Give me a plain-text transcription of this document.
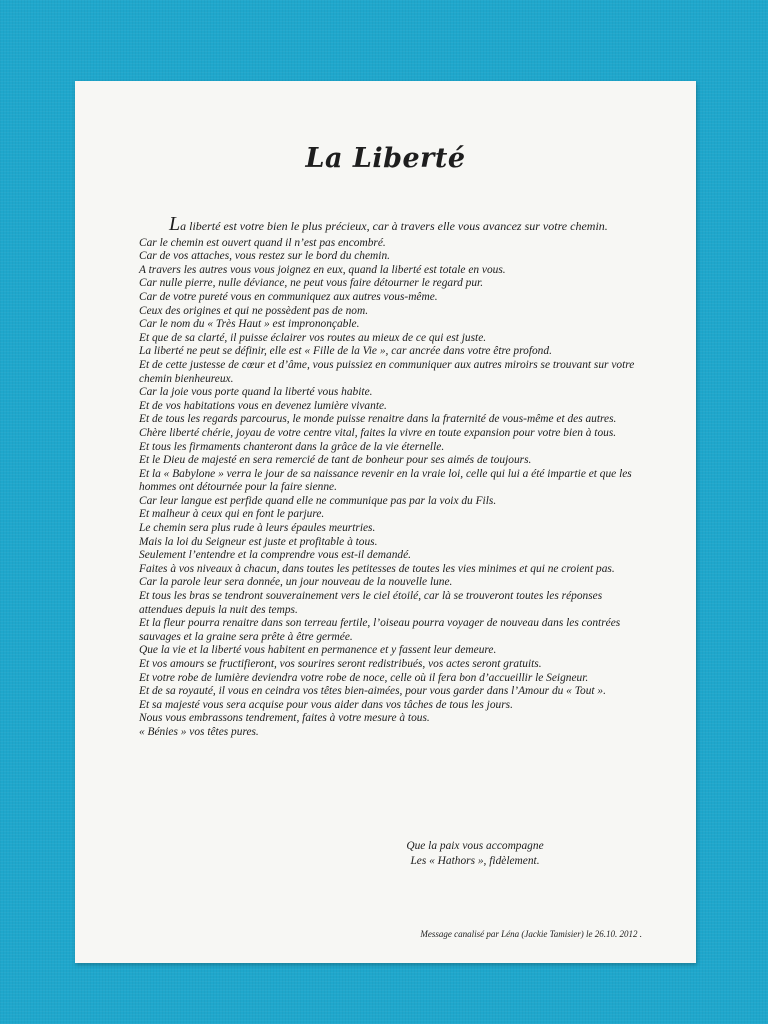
La Liberté
La liberté est votre bien le plus précieux, car à travers elle vous avancez sur votre chemin.
Car le chemin est ouvert quand il n’est pas encombré.
Car de vos attaches, vous restez sur le bord du chemin.
A travers les autres vous vous joignez en eux, quand la liberté est totale en vous.
Car nulle pierre, nulle déviance, ne peut vous faire détourner le regard pur.
Car de votre pureté vous en communiquez aux autres vous-même.
Ceux des origines et qui ne possèdent pas de nom.
Car le nom du « Très Haut » est imprononçable.
Et que de sa clarté, il puisse éclairer vos routes au mieux de ce qui est juste.
La liberté ne peut se définir, elle est « Fille de la Vie », car ancrée dans votre être profond.
Et de cette justesse de cœur et d’âme, vous puissiez en communiquer aux autres miroirs se trouvant sur votre chemin bienheureux.
Car la joie vous porte quand la liberté vous habite.
Et de vos habitations vous en devenez lumière vivante.
Et de tous les regards parcourus, le monde puisse renaitre dans la fraternité de vous-même et des autres.
Chère liberté chérie, joyau de votre centre vital, faites la vivre en toute expansion pour votre bien à tous.
Et tous les firmaments chanteront dans la grâce de la vie éternelle.
Et le Dieu de majesté en sera remercié de tant de bonheur pour ses aimés de toujours.
Et la « Babylone » verra le jour de sa naissance revenir en la vraie loi, celle qui lui a été impartie et que les hommes ont détournée pour la faire sienne.
Car leur langue est perfide quand elle ne communique pas par la voix du Fils.
Et malheur à ceux qui en font le parjure.
Le chemin sera plus rude à leurs épaules meurtries.
Mais la loi du Seigneur est juste et profitable à tous.
Seulement l’entendre et la comprendre vous est-il demandé.
Faites à vos niveaux à chacun, dans toutes les petitesses de toutes les vies minimes et qui ne croient pas.
Car la parole leur sera donnée, un jour nouveau de la nouvelle lune.
Et tous les bras se tendront souverainement vers le ciel étoilé, car là se trouveront toutes les réponses attendues depuis la nuit des temps.
Et la fleur pourra renaitre dans son terreau fertile, l’oiseau pourra voyager de nouveau dans les contrées sauvages et la graine sera prête à être germée.
Que la vie et la liberté vous habitent en permanence et y fassent leur demeure.
Et vos amours se fructifieront, vos sourires seront redistribués, vos actes seront gratuits.
Et votre robe de lumière deviendra votre robe de noce, celle où il fera bon d’accueillir le Seigneur.
Et de sa royauté, il vous en ceindra vos têtes bien-aimées, pour vous garder dans l’Amour du « Tout ».
Et sa majesté vous sera acquise pour vous aider dans vos tâches de tous les jours.
Nous vous embrassons tendrement, faites à votre mesure à tous.
« Bénies » vos têtes pures.
Que la paix vous accompagne
Les « Hathors », fidèlement.
Message canalisé par Léna (Jackie Tamisier) le 26.10. 2012 .
